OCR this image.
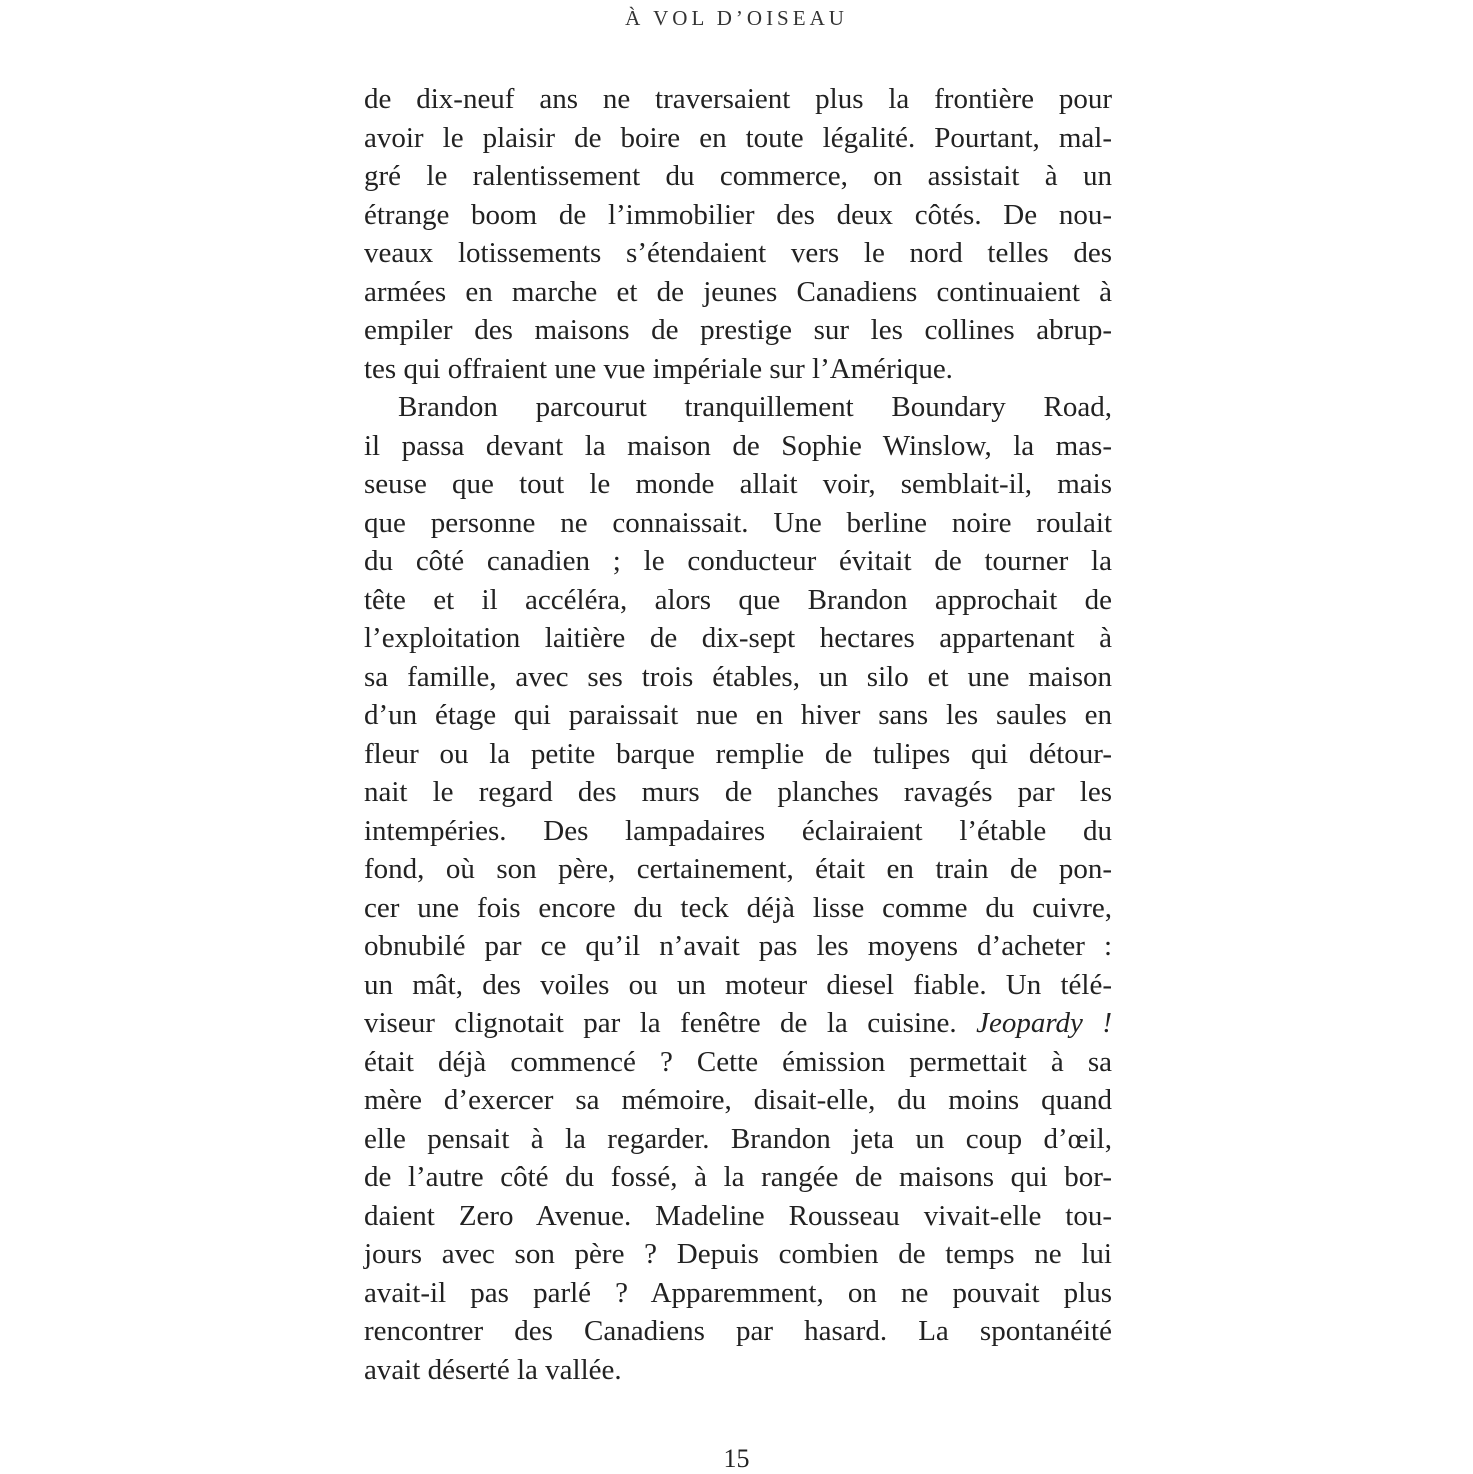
À VOL D’OISEAU
de dix-neuf ans ne traversaient plus la frontière pour
avoir le plaisir de boire en toute légalité. Pourtant, mal-
gré le ralentissement du commerce, on assistait à un
étrange boom de l’immobilier des deux côtés. De nou-
veaux lotissements s’étendaient vers le nord telles des
armées en marche et de jeunes Canadiens continuaient à
empiler des maisons de prestige sur les collines abrup-
tes qui offraient une vue impériale sur l’Amérique.
Brandon parcourut tranquillement Boundary Road,
il passa devant la maison de Sophie Winslow, la mas-
seuse que tout le monde allait voir, semblait-il, mais
que personne ne connaissait. Une berline noire roulait
du côté canadien ; le conducteur évitait de tourner la
tête et il accéléra, alors que Brandon approchait de
l’exploitation laitière de dix-sept hectares appartenant à
sa famille, avec ses trois étables, un silo et une maison
d’un étage qui paraissait nue en hiver sans les saules en
fleur ou la petite barque remplie de tulipes qui détour-
nait le regard des murs de planches ravagés par les
intempéries. Des lampadaires éclairaient l’étable du
fond, où son père, certainement, était en train de pon-
cer une fois encore du teck déjà lisse comme du cuivre,
obnubilé par ce qu’il n’avait pas les moyens d’acheter :
un mât, des voiles ou un moteur diesel fiable. Un télé-
viseur clignotait par la fenêtre de la cuisine. Jeopardy !
était déjà commencé ? Cette émission permettait à sa
mère d’exercer sa mémoire, disait-elle, du moins quand
elle pensait à la regarder. Brandon jeta un coup d’œil,
de l’autre côté du fossé, à la rangée de maisons qui bor-
daient Zero Avenue. Madeline Rousseau vivait-elle tou-
jours avec son père ? Depuis combien de temps ne lui
avait-il pas parlé ? Apparemment, on ne pouvait plus
rencontrer des Canadiens par hasard. La spontanéité
avait déserté la vallée.
15
